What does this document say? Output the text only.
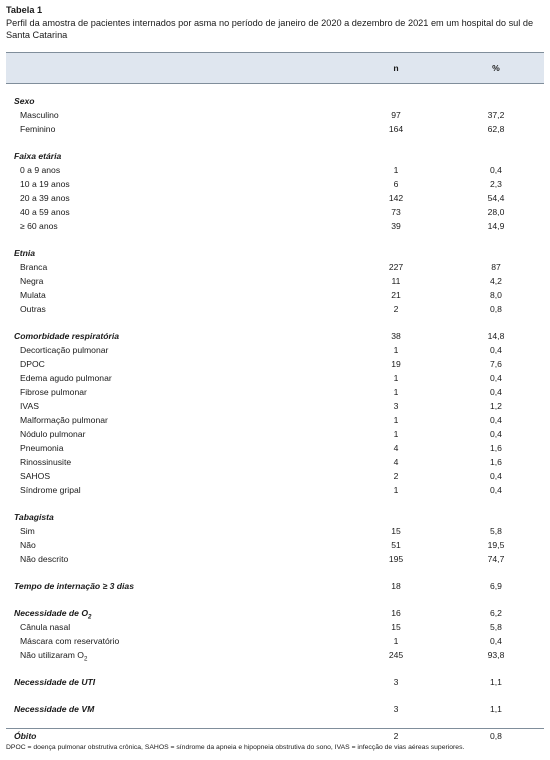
Tabela 1
Perfil da amostra de pacientes internados por asma no período de janeiro de 2020 a dezembro de 2021 em um hospital do sul de Santa Catarina
n	%
Sexo
Masculino	97	37,2
Feminino	164	62,8
Faixa etária
0 a 9 anos	1	0,4
10 a 19 anos	6	2,3
20 a 39 anos	142	54,4
40 a 59 anos	73	28,0
≥ 60 anos	39	14,9
Etnia
Branca	227	87
Negra	11	4,2
Mulata	21	8,0
Outras	2	0,8
Comorbidade respiratória	38	14,8
Decorticação pulmonar	1	0,4
DPOC	19	7,6
Edema agudo pulmonar	1	0,4
Fibrose pulmonar	1	0,4
IVAS	3	1,2
Malformação pulmonar	1	0,4
Nódulo pulmonar	1	0,4
Pneumonia	4	1,6
Rinossinusite	4	1,6
SAHOS	2	0,4
Síndrome gripal	1	0,4
Tabagista
Sim	15	5,8
Não	51	19,5
Não descrito	195	74,7
Tempo de internação ≥ 3 dias	18	6,9
Necessidade de $O_2$	16	6,2
Cânula nasal	15	5,8
Máscara com reservatório	1	0,4
Não utilizaram $O_2$	245	93,8
Necessidade de UTI	3	1,1
Necessidade de VM	3	1,1
Óbito	2	0,8
DPOC = doença pulmonar obstrutiva crônica, SAHOS = síndrome da apneia e hipopneia obstrutiva do sono, IVAS = infecção de vias aéreas superiores.
